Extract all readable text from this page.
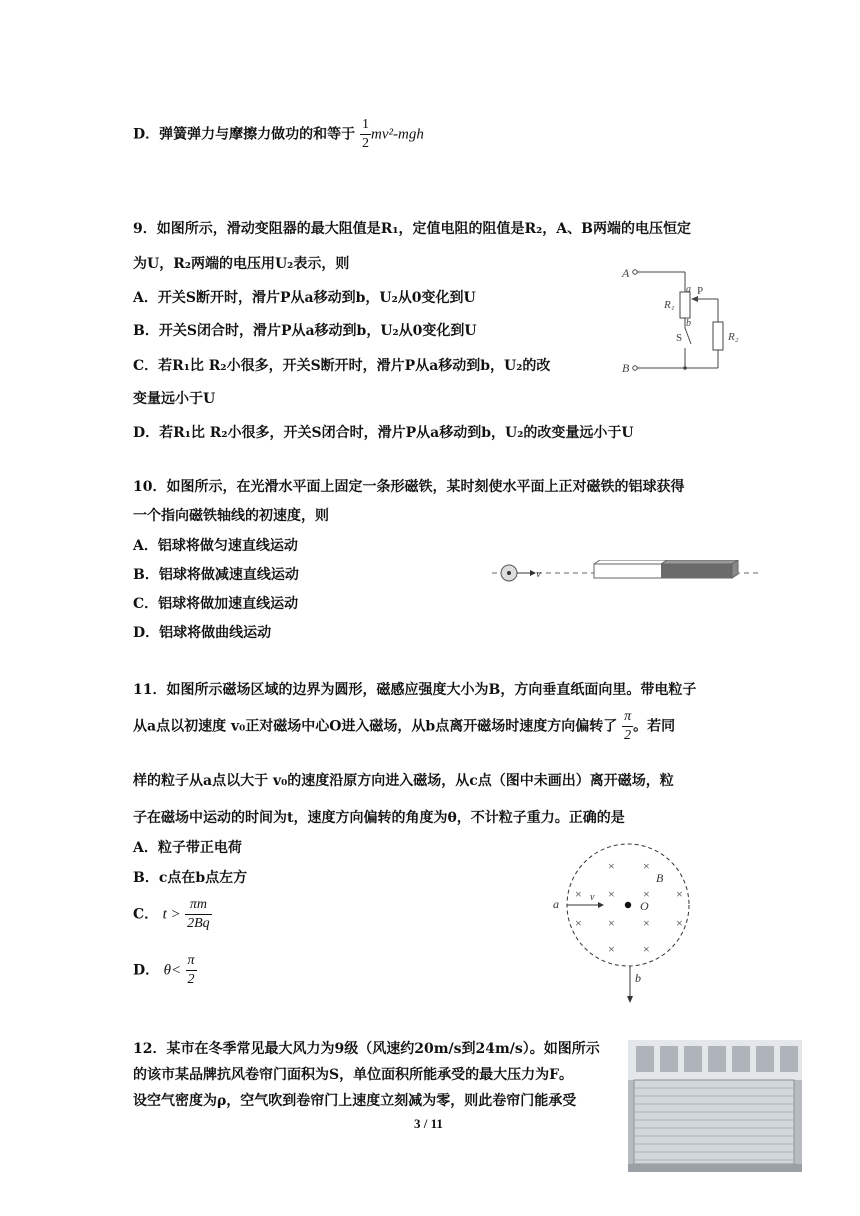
D．弹簧弹力与摩擦力做功的和等于 $\frac{1}{2} mv^2-mgh$
9．如图所示，滑动变阻器的最大阻值是R₁，定值电阻的阻值是R₂，A、B两端的电压恒定
为U，R₂两端的电压用U₂表示，则
A．开关S断开时，滑片P从a移动到b，U₂从0变化到U
B．开关S闭合时，滑片P从a移动到b，U₂从0变化到U
C．若R₁比 R₂小很多，开关S断开时，滑片P从a移动到b，U₂的改
变量远小于U
D．若R₁比 R₂小很多，开关S闭合时，滑片P从a移动到b，U₂的改变量远小于U
A
a
R₁
b
P
R₂
S
B
10．如图所示，在光滑水平面上固定一条形磁铁，某时刻使水平面上正对磁铁的铝球获得
一个指向磁铁轴线的初速度，则
A．铝球将做匀速直线运动
B．铝球将做减速直线运动
C．铝球将做加速直线运动
D．铝球将做曲线运动
v
11．如图所示磁场区域的边界为圆形，磁感应强度大小为B，方向垂直纸面向里。带电粒子
从a点以初速度 v₀正对磁场中心O进入磁场，从b点离开磁场时速度方向偏转了 $\frac{\pi}{2}$ 。若同
样的粒子从a点以大于 v₀的速度沿原方向进入磁场，从c点（图中未画出）离开磁场，粒
子在磁场中运动的时间为t，速度方向偏转的角度为θ，不计粒子重力。正确的是
A．粒子带正电荷
B．c点在b点左方
C． $t > \frac{\pi m}{2Bq}$
D． $\theta< \frac{\pi}{2}$
× ×
× × × ×
× × × ×
× ×
B
a	v
O
b
12．某市在冬季常见最大风力为9级（风速约20m/s到24m/s）。如图所示
的该市某品牌抗风卷帘门面积为S，单位面积所能承受的最大压力为F。
设空气密度为ρ，空气吹到卷帘门上速度立刻减为零，则此卷帘门能承受
3 / 11
